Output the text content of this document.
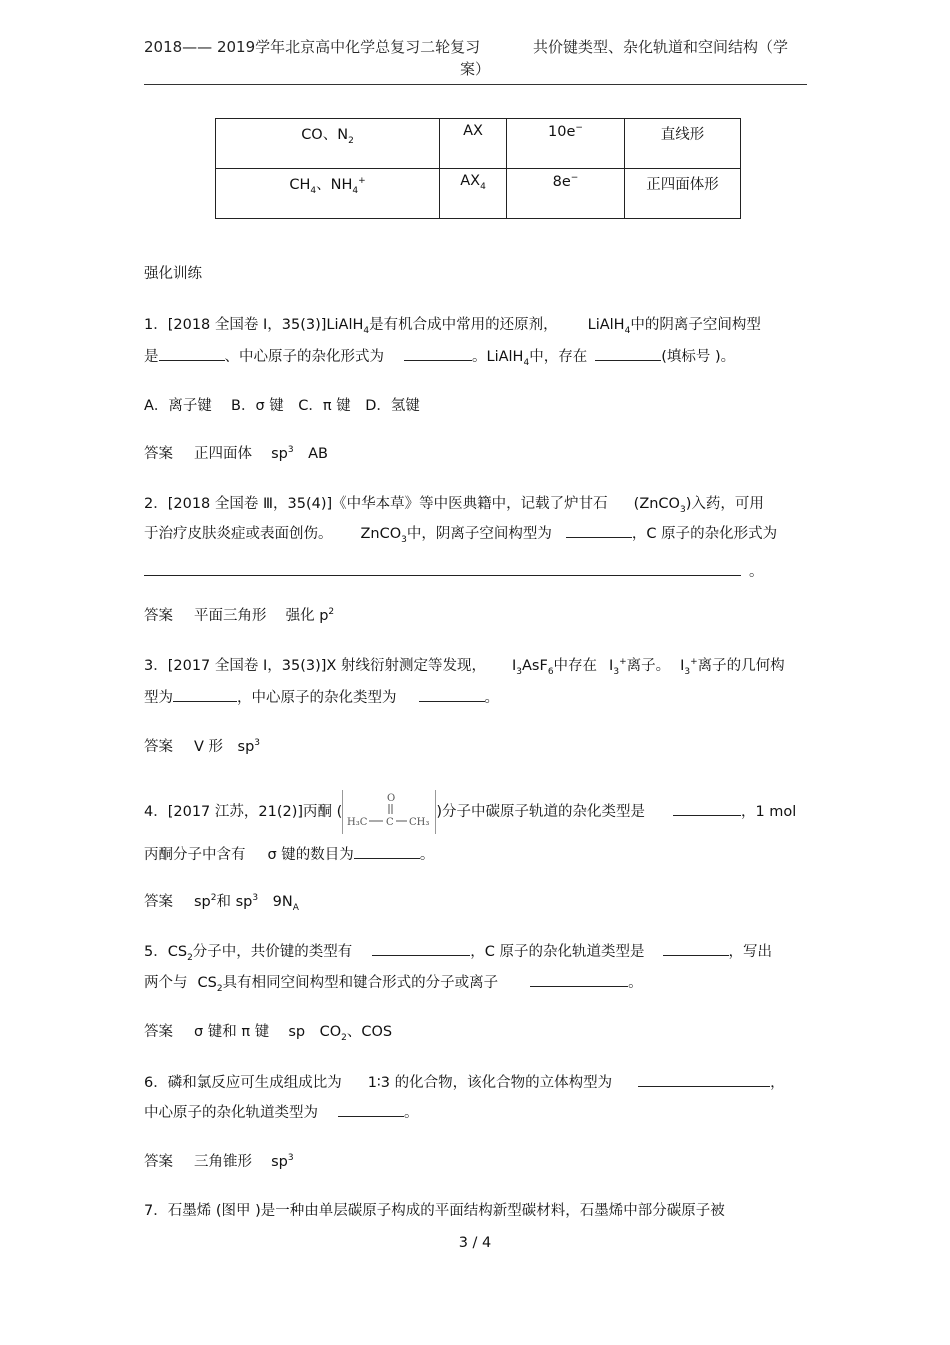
2018—— 2019学年北京高中化学总复习二轮复习	共价键类型、杂化轨道和空间结构（学
案）
CO、$N_2$	AX	10e−	直线形
$CH_4$、$NH_4^+$	$AX_4$	8e−	正四面体形
强化训练
1．[2018 全国卷 Ⅰ，35(3)]LiAlH$_4$是有机合成中常用的还原剂， LiAlH$_4$中的阴离子空间构型
是	、中心原子的杂化形式为	。LiAlH$_4$中，存在	(填标号 )。
A．离子键　 B．σ 键　C．π 键　D．氢键
答案 正四面体　 $sp^3$　AB
2．[2018 全国卷 Ⅲ，35(4)]《中华本草》等中医典籍中，记载了炉甘石 (ZnCO$_3$)入药，可用
于治疗皮肤炎症或表面创伤。 ZnCO$_3$中，阴离子空间构型为	，C 原子的杂化形式为
。
答案 平面三角形　 强化 $p^2$
3．[2017 全国卷 Ⅰ，35(3)]X 射线衍射测定等发现， $I_3AsF_6$中存在 $I_3^+$离子。 $I_3^+$离子的几何构
型为	，中心原子的杂化类型为	。
答案 V 形　$sp^3$
4．[2017 江苏，21(2)]丙酮 (
O
H₃C C CH₃
)分子中碳原子轨道的杂化类型是	，1 mol
丙酮分子中含有 σ 键的数目为	。
答案 $sp^2$和 $sp^3$　$9N_A$
5．$CS_2$分子中，共价键的类型有	，C 原子的杂化轨道类型是	，写出
两个与 $CS_2$具有相同空间构型和键合形式的分子或离子	。
答案 σ 键和 π 键　 sp　$CO_2$、COS
6．磷和氯反应可生成组成比为 1∶3 的化合物，该化合物的立体构型为	，
中心原子的杂化轨道类型为	。
答案 三角锥形　 $sp^3$
7．石墨烯 (图甲 )是一种由单层碳原子构成的平面结构新型碳材料，石墨烯中部分碳原子被
3 / 4
